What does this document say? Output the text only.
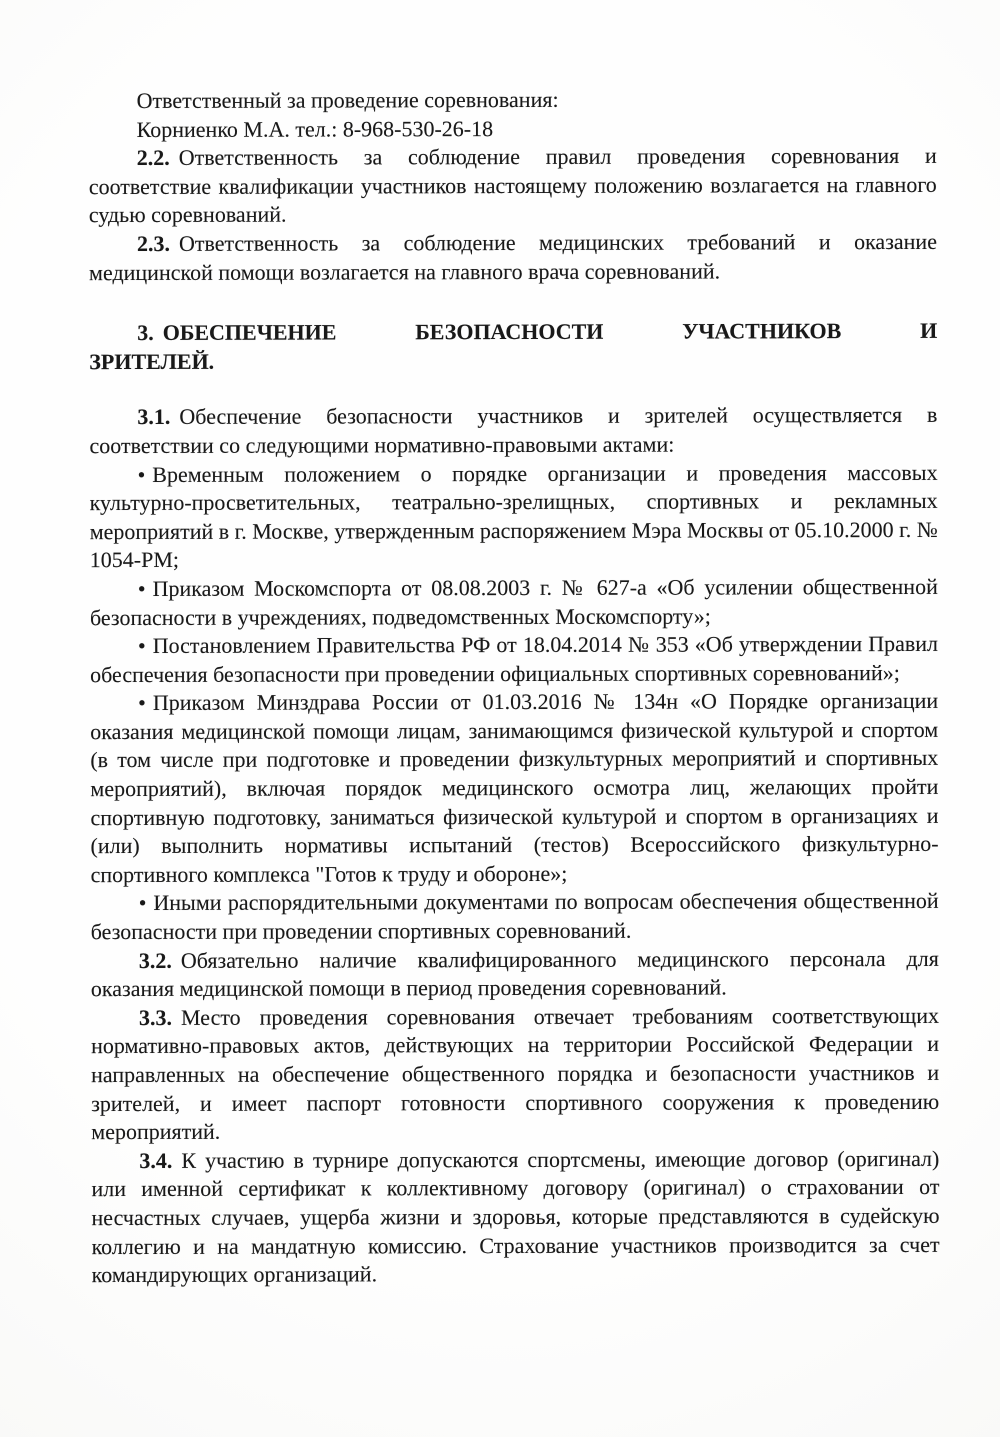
Ответственный за проведение соревнования:

Корниенко М.А. тел.: 8-968-530-26-18

2.2. Ответственность за соблюдение правил проведения соревнования и соответствие квалификации участников настоящему положению возлагается на главного судью соревнований.

2.3. Ответственность за соблюдение медицинских требований и оказание медицинской помощи возлагается на главного врача соревнований.

3. ОБЕСПЕЧЕНИЕ БЕЗОПАСНОСТИ УЧАСТНИКОВ И ЗРИТЕЛЕЙ.

3.1. Обеспечение безопасности участников и зрителей осуществляется в соответствии со следующими нормативно-правовыми актами:

• Временным положением о порядке организации и проведения массовых культурно-просветительных, театрально-зрелищных, спортивных и рекламных мероприятий в г. Москве, утвержденным распоряжением Мэра Москвы от 05.10.2000 г. № 1054-РМ;

• Приказом Москомспорта от 08.08.2003 г. № 627-а «Об усилении общественной безопасности в учреждениях, подведомственных Москомспорту»;

• Постановлением Правительства РФ от 18.04.2014 № 353 «Об утверждении Правил обеспечения безопасности при проведении официальных спортивных соревнований»;

• Приказом Минздрава России от 01.03.2016 № 134н «О Порядке организации оказания медицинской помощи лицам, занимающимся физической культурой и спортом (в том числе при подготовке и проведении физкультурных мероприятий и спортивных мероприятий), включая порядок медицинского осмотра лиц, желающих пройти спортивную подготовку, заниматься физической культурой и спортом в организациях и (или) выполнить нормативы испытаний (тестов) Всероссийского физкультурно-спортивного комплекса "Готов к труду и обороне»;

• Иными распорядительными документами по вопросам обеспечения общественной безопасности при проведении спортивных соревнований.

3.2. Обязательно наличие квалифицированного медицинского персонала для оказания медицинской помощи в период проведения соревнований.

3.3. Место проведения соревнования отвечает требованиям соответствующих нормативно-правовых актов, действующих на территории Российской Федерации и направленных на обеспечение общественного порядка и безопасности участников и зрителей, и имеет паспорт готовности спортивного сооружения к проведению мероприятий.

3.4. К участию в турнире допускаются спортсмены, имеющие договор (оригинал) или именной сертификат к коллективному договору (оригинал) о страховании от несчастных случаев, ущерба жизни и здоровья, которые представляются в судейскую коллегию и на мандатную комиссию. Страхование участников производится за счет командирующих организаций.
